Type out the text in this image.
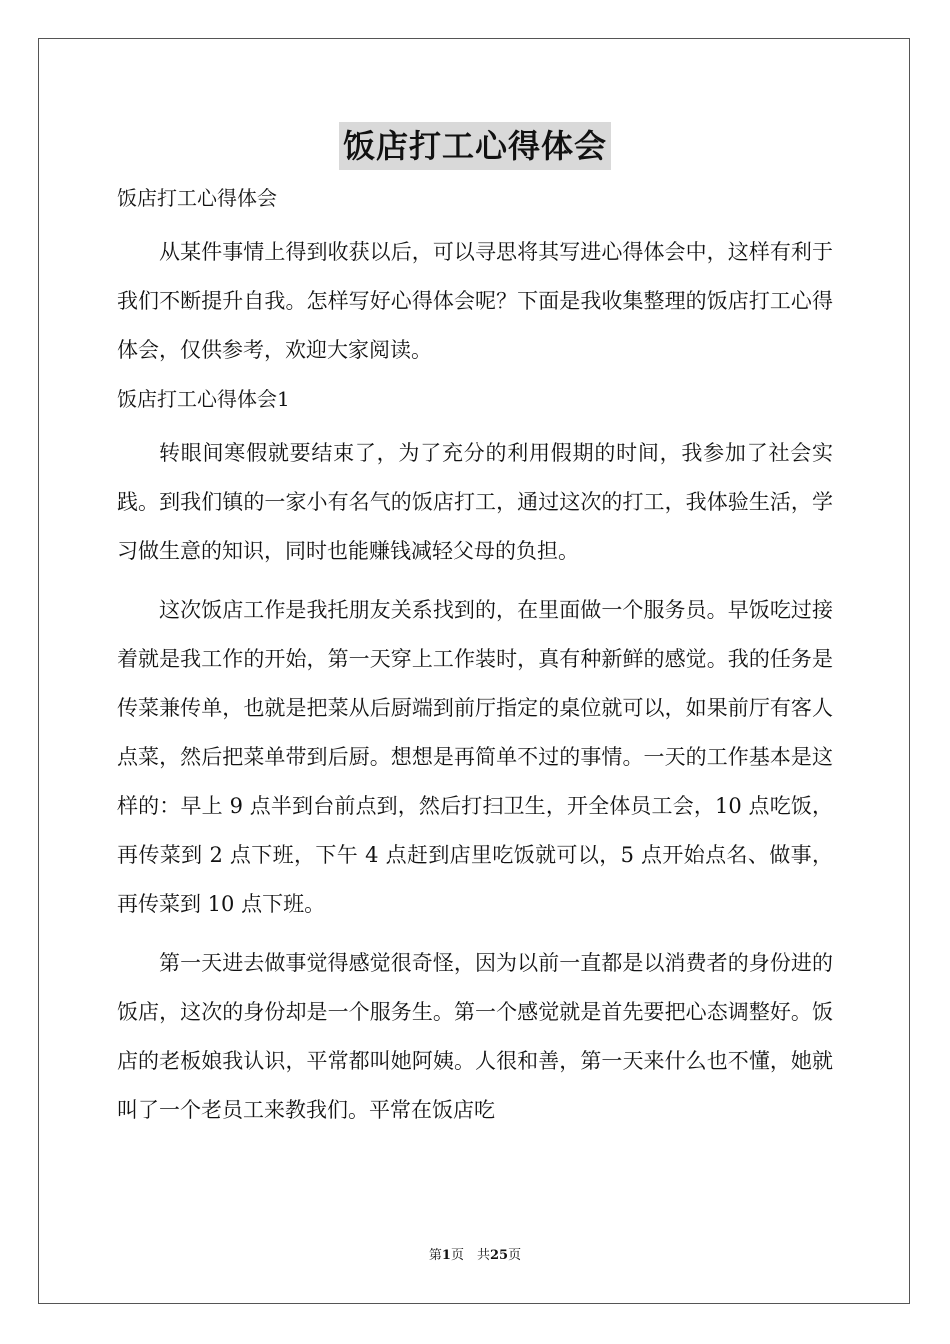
饭店打工心得体会
饭店打工心得体会

从某件事情上得到收获以后，可以寻思将其写进心得体会中，这样有利于我们不断提升自我。怎样写好心得体会呢？下面是我收集整理的饭店打工心得体会，仅供参考，欢迎大家阅读。

饭店打工心得体会1

转眼间寒假就要结束了，为了充分的利用假期的时间，我参加了社会实践。到我们镇的一家小有名气的饭店打工，通过这次的打工，我体验生活，学习做生意的知识，同时也能赚钱减轻父母的负担。

这次饭店工作是我托朋友关系找到的，在里面做一个服务员。早饭吃过接着就是我工作的开始，第一天穿上工作装时，真有种新鲜的感觉。我的任务是传菜兼传单，也就是把菜从后厨端到前厅指定的桌位就可以，如果前厅有客人点菜，然后把菜单带到后厨。想想是再简单不过的事情。一天的工作基本是这样的：早上 9 点半到台前点到，然后打扫卫生，开全体员工会，10 点吃饭，再传菜到 2 点下班，下午 4 点赶到店里吃饭就可以，5 点开始点名、做事，再传菜到 10 点下班。

第一天进去做事觉得感觉很奇怪，因为以前一直都是以消费者的身份进的饭店，这次的身份却是一个服务生。第一个感觉就是首先要把心态调整好。饭店的老板娘我认识，平常都叫她阿姨。人很和善，第一天来什么也不懂，她就叫了一个老员工来教我们。平常在饭店吃

第1页　共25页
